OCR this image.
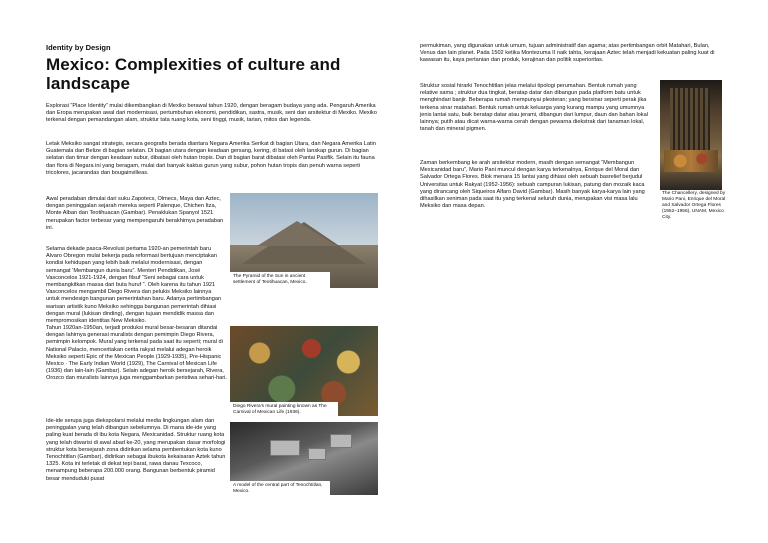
Identity by Design
Mexico: Complexities of culture and landscape

Explorasi “Place Identity” mulai dikembangkan di Mexiko berawal tahun 1920, dengan beragam budaya yang ada. Pengaruh Amerika dan Eropa merupakan awal dari modernisasi, pertumbuhan ekonomi, pendidikan, sastra, musik, seni dan arsitektur di Mexiko. Mexiko terkenal dengan pemandangan alam, struktur tata ruang kota, seni tinggi, musik, tarian, mitos dan legenda.

Letak Meksiko sangat strategis, secara geografis berada diantara Negara Amerika Serikat di bagian Utara, dan Negara Amerika Latin Guatemala dan Belize di bagian selatan. Di bagian utara dengan keadaan gersang, kering, di batasi oleh lanskap gurun. Di bagian selatan dan timur dengan keadaan subur, dibatasi oleh hutan tropis. Dan di bagian barat dibatasi oleh Pantai Pasifik. Selain itu fauna dan flora di Negara ini yang beragam, mulai dari banyak kaktus gurun yang subur, pohon hutan tropis dan penuh warna seperti tricolores, jacarandas dan bougainvilleas.

Awal peradaban dimulai dari suku Zapotecs, Olmecs, Maya dan Aztec, dengan peninggalan sejarah mereka seperti Palenque, Chichen Itza, Monte Alban dan Teotihuacan (Gambar). Penaklukan Spanyol 1521 merupakan factor terbesar yang mempengaruhi berakhirnya peradaban ini.

The Pyramid of the Sun in ancient settlement of Teotihuacan, Mexico.

Selama dekade pasca-Revolusi pertama 1920-an pemerintah baru Alvaro Obregon mulai bekerja pada reformasi bertujuan menciptakan kondisi kehidupan yang lebih baik melalui modernisasi, dengan semangat ‘Membangun dunia baru”. Menteri Pendidikan, José Vasconcelos 1921-1924, dengan filsuf “Seni sebagai cara untuk membangkitkan massa dari buta huruf “. Oleh karena itu tahun 1921 Vasconcelos mengambil Diego Rivera dan pelukis Meksiko lainnya untuk mendesign bangunan pemerintahan baru. Adanya pertimbangan warisan artistik kuno Meksiko sehingga bangunan pemerintah dihiasi dengan mural (lukisan dinding), dengan tujuan mendidik massa dan mempromosikan identitas New Meksiko.

Tahun 1920an-1950an, terjadi produksi mural besar-besaran ditandai dengan lahirnya generasi muralists dengan pemimpin Diego Rivera, pemimpin kelompok. Mural yang terkenal pada saat itu seperti; mural di National Palacio, menceritakan cerita rakyat melalui adegan heroik Meksiko seperti Epic of the Mexican People (1929-1935), Pre-Hispanic Mexico · The Early Indian World (1929), The Carnival of Mexican Life (1936) dan lain-lain (Gambar). Selain adegan heroik bersejarah, Rivera, Orozco dan muralists lainnya juga menggambarkan peristiwa sehari-hari.

Diego Rivera's mural painting known as The Carnival of Mexican Life (1936).

Ide-ide serupa juga diekspolarsi melalui media lingkungan alam dan peninggalan yang telah dibangun sebelumnya. Di mana ide-ide yang paling kuat berada di ibu kota Negara, Mexicanidad. Struktur ruang kota yang telah diwarisi di awal abad ke-20, yang merupakan dasar morfologi struktur kota bersejarah zona didirikan selama pembentukan kota kuno Tenochtitlan (Gambar), didirikan sebagai ibukota kekaisaran Aztek tahun 1325. Kota ini terletak di dekat tepi barat, rawa danau Texcoco, menampung beberapa 200.000 orang. Bangunan berbentuk piramid besar menduduki pusat

A model of the central part of Tenochtitlan, Mexico.

permukiman, yang digunakan untuk umum, tujuan administratif dan agama; atas pertimbangan orbit Matahari, Bulan, Venus dan lain planet. Pada 1502 ketika Montezuma II naik tahta, kerajaan Aztec telah menjadi kekuatan paling kuat di kawasan itu, kaya pertanian dan produk, kerajinan dan politik superioritas.

Struktur sosial hirarki Tenochtitlan jelas melalui tipologi perumahan. Bentuk rumah yang relative sama ; struktur dua tingkat, beratap datar dan dibangun pada platform batu untuk menghindari banjir. Beberapa rumah mempunyai plesteran; yang bersinar seperti perak jika terkena sinar matahari. Bentuk rumah untuk keluarga yang kurang mampu yang umumnya jenis lantai satu, baik beratap datar atau jerami, dibangun dari lumpur, daun dan bahan lokal lainnya; putih atau dicat warna-warna cerah dengan pewarna diekstrak dari tanaman lokal, tanah dan mineral pigmen.

Zaman berkembang ke arah arsitektur modern, masih dengan semangat “Membangun Mexicanidad baru”, Mario Pani muncul dengan karya terkenalnya, Enrique del Moral dan Salvador Ortega Flores. Blok menara 15 lantai yang dihiasi oleh sebuah basrelief berjudul Universitas untuk Rakyat (1952-1956): sebuah campuran lukisan, patung dan mozaik kaca yang dirancang oleh Siqueiros Alfaro David (Gambar). Masih banyak karya-karya lain yang dihasilkan seniman pada saat itu yang terkenal seluruh dunia, merupakan visi masa lalu Meksiko dan masa depan.

The Chancellery, designed by Mario Pani, Enrique del Moral and Salvador Ortega Flores (1952–1956), UNAM, Mexico City.
